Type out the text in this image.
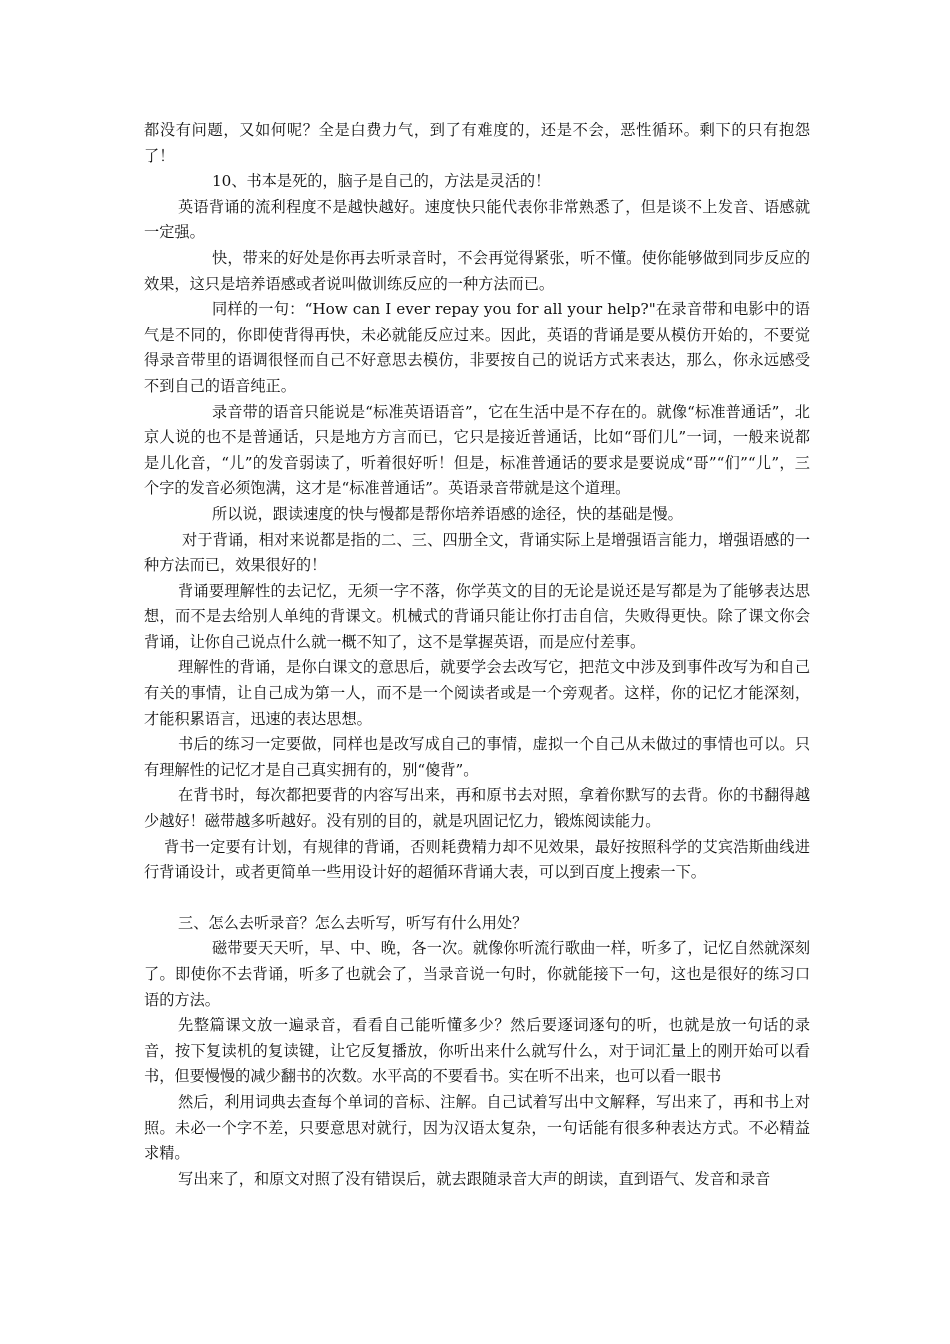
都没有问题，又如何呢？全是白费力气，到了有难度的，还是不会，恶性循环。剩下的只有抱怨了！

10、书本是死的，脑子是自己的，方法是灵活的！

英语背诵的流利程度不是越快越好。速度快只能代表你非常熟悉了，但是谈不上发音、语感就一定强。

快，带来的好处是你再去听录音时，不会再觉得紧张，听不懂。使你能够做到同步反应的效果，这只是培养语感或者说叫做训练反应的一种方法而已。

同样的一句：“How can I ever repay you for all your help?"在录音带和电影中的语气是不同的，你即使背得再快，未必就能反应过来。因此，英语的背诵是要从模仿开始的，不要觉得录音带里的语调很怪而自己不好意思去模仿，非要按自己的说话方式来表达，那么，你永远感受不到自己的语音纯正。

录音带的语音只能说是“标准英语语音”，它在生活中是不存在的。就像“标准普通话”，北京人说的也不是普通话，只是地方方言而已，它只是接近普通话，比如“哥们儿”一词，一般来说都是儿化音，“儿”的发音弱读了，听着很好听！但是，标准普通话的要求是要说成“哥”“们”“儿”，三个字的发音必须饱满，这才是“标准普通话”。英语录音带就是这个道理。

所以说，跟读速度的快与慢都是帮你培养语感的途径，快的基础是慢。

对于背诵，相对来说都是指的二、三、四册全文，背诵实际上是增强语言能力，增强语感的一种方法而已，效果很好的！

背诵要理解性的去记忆，无须一字不落，你学英文的目的无论是说还是写都是为了能够表达思想，而不是去给别人单纯的背课文。机械式的背诵只能让你打击自信，失败得更快。除了课文你会背诵，让你自己说点什么就一概不知了，这不是掌握英语，而是应付差事。

理解性的背诵，是你白课文的意思后，就要学会去改写它，把范文中涉及到事件改写为和自己有关的事情，让自己成为第一人，而不是一个阅读者或是一个旁观者。这样，你的记忆才能深刻，才能积累语言，迅速的表达思想。

书后的练习一定要做，同样也是改写成自己的事情，虚拟一个自己从未做过的事情也可以。只有理解性的记忆才是自己真实拥有的，别“傻背”。

在背书时，每次都把要背的内容写出来，再和原书去对照，拿着你默写的去背。你的书翻得越少越好！磁带越多听越好。没有别的目的，就是巩固记忆力，锻炼阅读能力。

背书一定要有计划，有规律的背诵，否则耗费精力却不见效果，最好按照科学的艾宾浩斯曲线进行背诵设计，或者更简单一些用设计好的超循环背诵大表，可以到百度上搜索一下。

三、怎么去听录音？怎么去听写，听写有什么用处？

磁带要天天听，早、中、晚，各一次。就像你听流行歌曲一样，听多了，记忆自然就深刻了。即使你不去背诵，听多了也就会了，当录音说一句时，你就能接下一句，这也是很好的练习口语的方法。

先整篇课文放一遍录音，看看自己能听懂多少？然后要逐词逐句的听，也就是放一句话的录音，按下复读机的复读键，让它反复播放，你听出来什么就写什么，对于词汇量上的刚开始可以看书，但要慢慢的减少翻书的次数。水平高的不要看书。实在听不出来，也可以看一眼书

然后，利用词典去查每个单词的音标、注解。自己试着写出中文解释，写出来了，再和书上对照。未必一个字不差，只要意思对就行，因为汉语太复杂，一句话能有很多种表达方式。不必精益求精。

写出来了，和原文对照了没有错误后，就去跟随录音大声的朗读，直到语气、发音和录音
